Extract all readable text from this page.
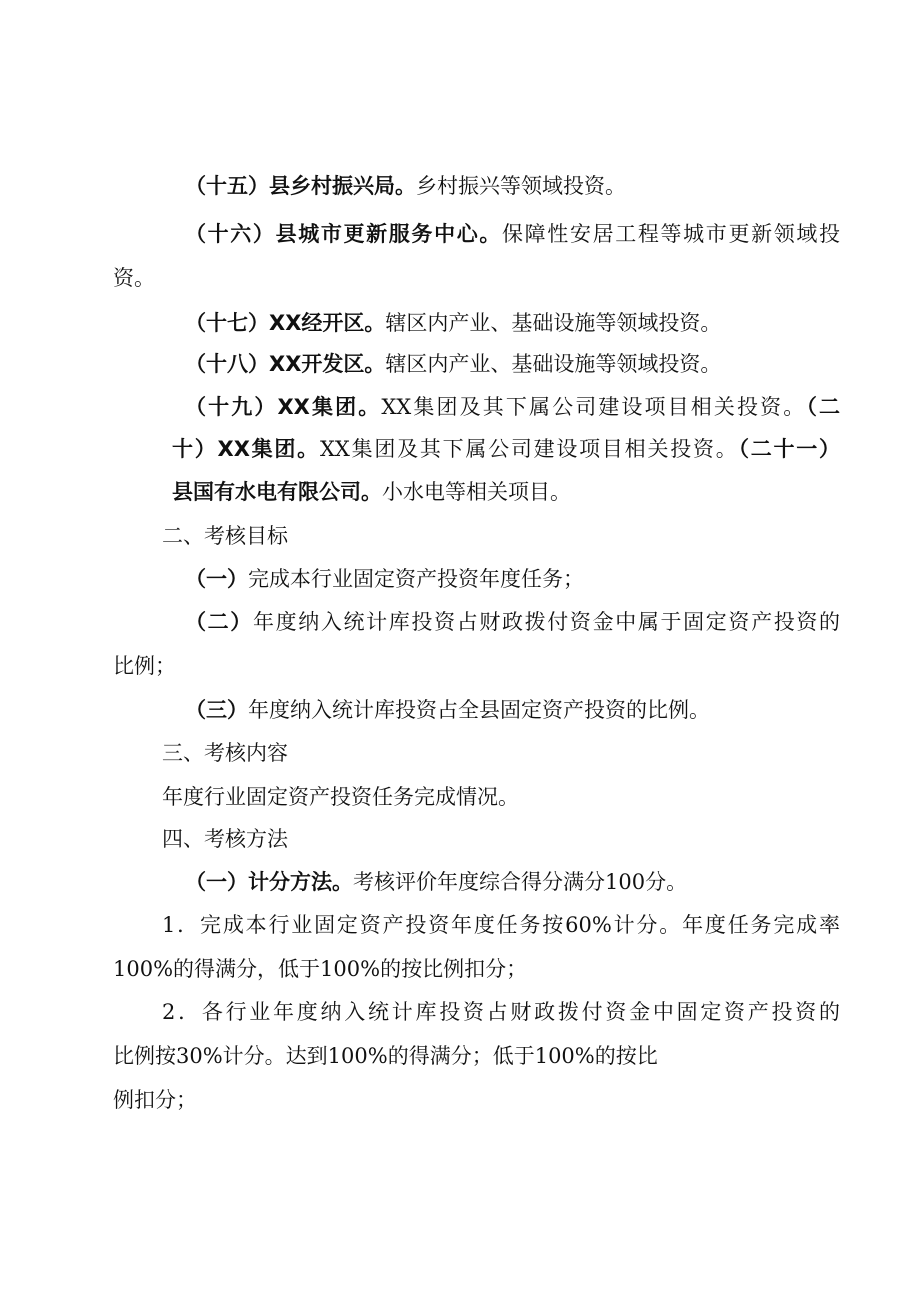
（十五）县乡村振兴局。乡村振兴等领域投资。

（十六）县城市更新服务中心。保障性安居工程等城市更新领域投

资。

（十七）XX经开区。辖区内产业、基础设施等领域投资。

（十八）XX开发区。辖区内产业、基础设施等领域投资。

（十九）XX集团。XX集团及其下属公司建设项目相关投资。（二

十）XX集团。XX集团及其下属公司建设项目相关投资。（二十一）

县国有水电有限公司。小水电等相关项目。

二、考核目标

（一）完成本行业固定资产投资年度任务；

（二）年度纳入统计库投资占财政拨付资金中属于固定资产投资的

比例；

（三）年度纳入统计库投资占全县固定资产投资的比例。

三、考核内容

年度行业固定资产投资任务完成情况。

四、考核方法

（一）计分方法。考核评价年度综合得分满分100分。

1．完成本行业固定资产投资年度任务按60%计分。年度任务完成率

100%的得满分，低于100%的按比例扣分；

2．各行业年度纳入统计库投资占财政拨付资金中固定资产投资的

比例按30%计分。达到100%的得满分；低于100%的按比

例扣分；
